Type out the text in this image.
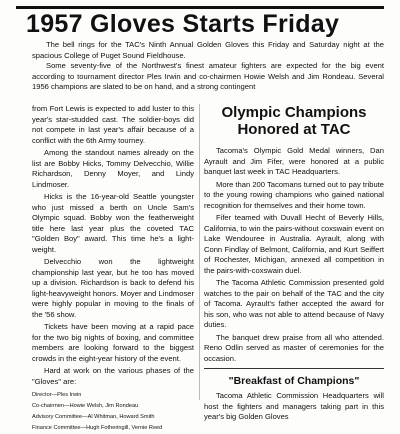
1957 Gloves Starts Friday

The bell rings for the TAC's Ninth Annual Golden Gloves this Friday and Saturday night at the spacious College of Puget Sound Fieldhouse.

Some seventy-five of the Northwest's finest amateur fighters are expected for the big event according to tournament director Ples Irwin and co-chairmen Howie Welsh and Jim Rondeau. Several 1956 champions are slated to be on hand, and a strong contingent

from Fort Lewis is expected to add luster to this year's star-studded cast. The soldier-boys did not compete in last year's affair because of a conflict with the 6th Army tourney.

Among the standout names already on the list are Bobby Hicks, Tommy Delvecchio, Willie Richardson, Denny Moyer, and Lindy Lindmoser.

Hicks is the 16-year-old Seattle youngster who just missed a berth on Uncle Sam's Olympic squad. Bobby won the featherweight title here last year plus the coveted TAC "Golden Boy" award. This time he's a light-weight.

Delvecchio won the lightweight championship last year, but he too has moved up a division. Richardson is back to defend his light-heavyweight honors. Moyer and Lindmoser were highly popular in moving to the finals of the '56 show.

Tickets have been moving at a rapid pace for the two big nights of boxing, and committee members are looking forward to the biggest crowds in the eight-year history of the event.

Hard at work on the various phases of the "Gloves" are:

Director—Ples Irwin
Co-chairmen—Howie Welsh, Jim Rondeau
Advisory Committee—Al Whitman, Howard Smith
Finance Committee—Hugh Fotheringill, Vernie Reed
Olympic Champions Honored at TAC

Tacoma's Olympic Gold Medal winners, Dan Ayrault and Jim Fifer, were honored at a public banquet last week in TAC Headquarters.

More than 200 Tacomans turned out to pay tribute to the young rowing champions who gained national recognition for themselves and their home town.

Fifer teamed with Duvall Hecht of Beverly Hills, California, to win the pairs-without coxswain event on Lake Wendouree in Australia. Ayrault, along with Conn Findlay of Belmont, California, and Kurt Seiffert of Rochester, Michigan, annexed all competition in the pairs-with-coxswain duel.

The Tacoma Athletic Commission presented gold watches to the pair on behalf of the TAC and the city of Tacoma. Ayrault's father accepted the award for his son, who was not able to attend because of Navy duties.

The banquet drew praise from all who attended. Reno Odlin served as master of ceremonies for the occasion.

"Breakfast of Champions"

Tacoma Athletic Commission Headquarters will host the fighters and managers taking part in this year's big Golden Gloves
